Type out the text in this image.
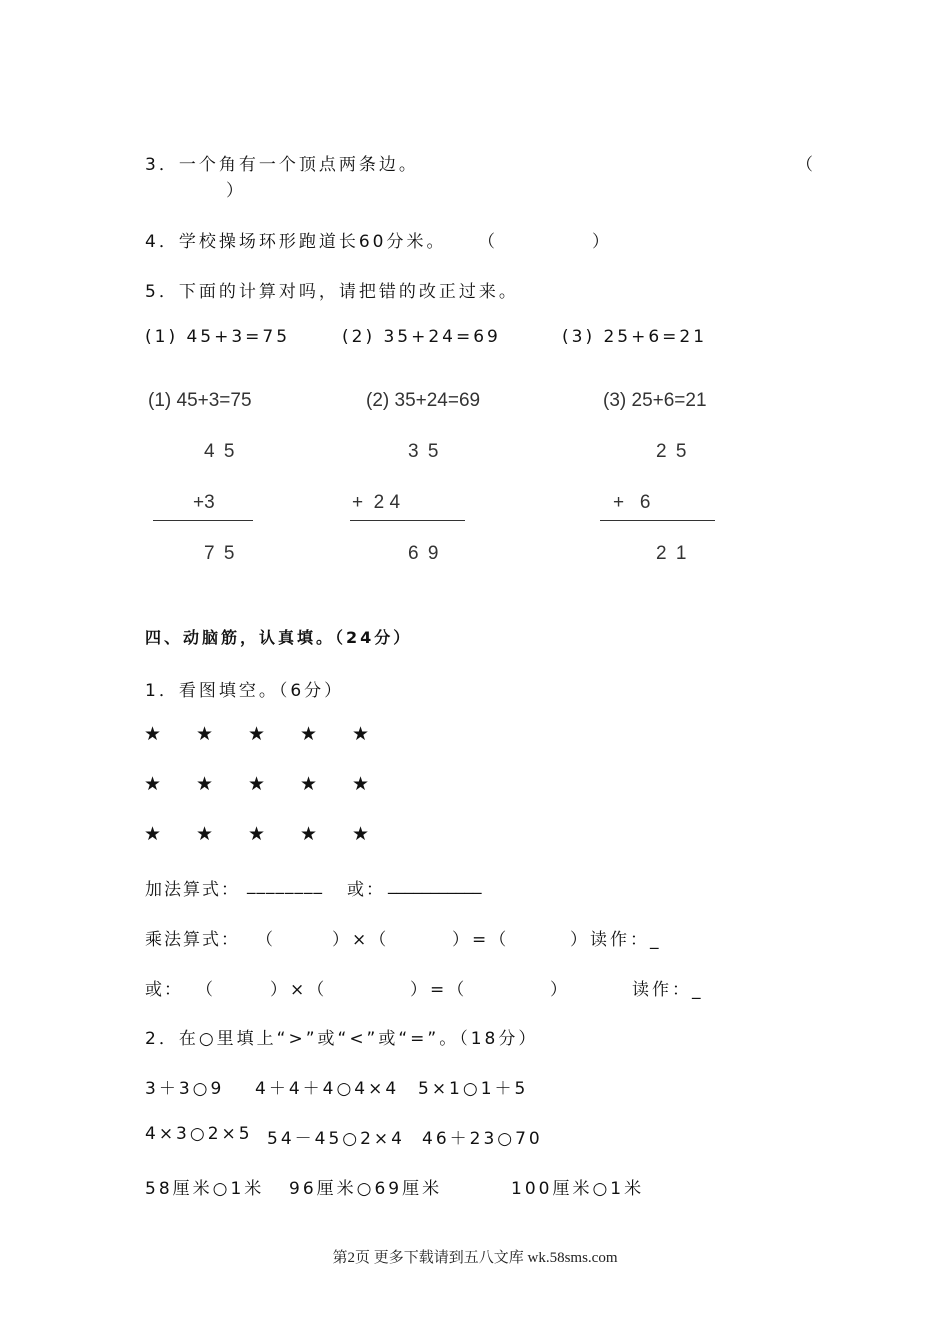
3．一个角有一个顶点两条边。	（
）
4．学校操场环形跑道长60分米。 （	）
5．下面的计算对吗，请把错的改正过来。
(1) 45+3=75	(2) 35+24=69	(3) 25+6=21
(1) 45+3=75
4 5
+3
7 5
(2) 35+24=69
3 5
+  2 4
6 9
(3) 25+6=21
2 5
+   6
2 1
四、动脑筋，认真填。（24分）
1．看图填空。（6分）
★ ★ ★ ★ ★
★ ★ ★ ★ ★
★ ★ ★ ★ ★
加法算式： ________ 或： ___________
乘法算式： （	）×（	）=（	）读作：_
或： （	）×（	）=（	）	读作：_
2．在○里填上“>”或“<”或“=”。（18分）
3＋3○9 4＋4＋4○4×4 5×1○1＋5
4×3○2×5 54－45○2×4 46＋23○70
58厘米○1米 96厘米○69厘米	100厘米○1米
第2页 更多下载请到五八文库 wk.58sms.com
